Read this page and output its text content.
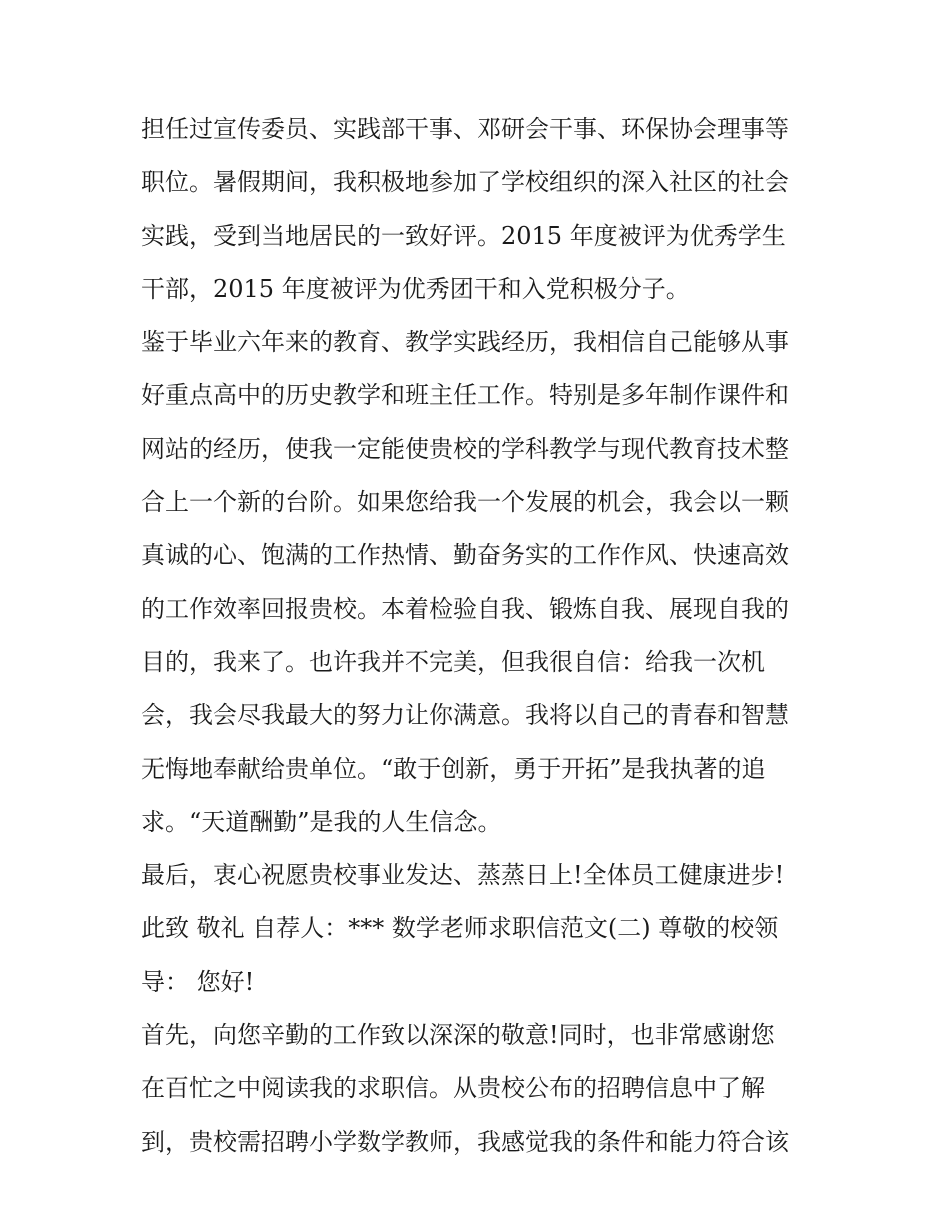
担任过宣传委员、实践部干事、邓研会干事、环保协会理事等
职位。暑假期间，我积极地参加了学校组织的深入社区的社会
实践，受到当地居民的一致好评。2015 年度被评为优秀学生
干部，2015 年度被评为优秀团干和入党积极分子。
鉴于毕业六年来的教育、教学实践经历，我相信自己能够从事
好重点高中的历史教学和班主任工作。特别是多年制作课件和
网站的经历，使我一定能使贵校的学科教学与现代教育技术整
合上一个新的台阶。如果您给我一个发展的机会，我会以一颗
真诚的心、饱满的工作热情、勤奋务实的工作作风、快速高效
的工作效率回报贵校。本着检验自我、锻炼自我、展现自我的
目的，我来了。也许我并不完美，但我很自信：给我一次机
会，我会尽我最大的努力让你满意。我将以自己的青春和智慧
无悔地奉献给贵单位。“敢于创新，勇于开拓”是我执著的追
求。“天道酬勤”是我的人生信念。
最后，衷心祝愿贵校事业发达、蒸蒸日上!全体员工健康进步!
此致 敬礼 自荐人：*** 数学老师求职信范文(二) 尊敬的校领
导： 您好!
首先，向您辛勤的工作致以深深的敬意!同时，也非常感谢您
在百忙之中阅读我的求职信。从贵校公布的招聘信息中了解
到，贵校需招聘小学数学教师，我感觉我的条件和能力符合该
